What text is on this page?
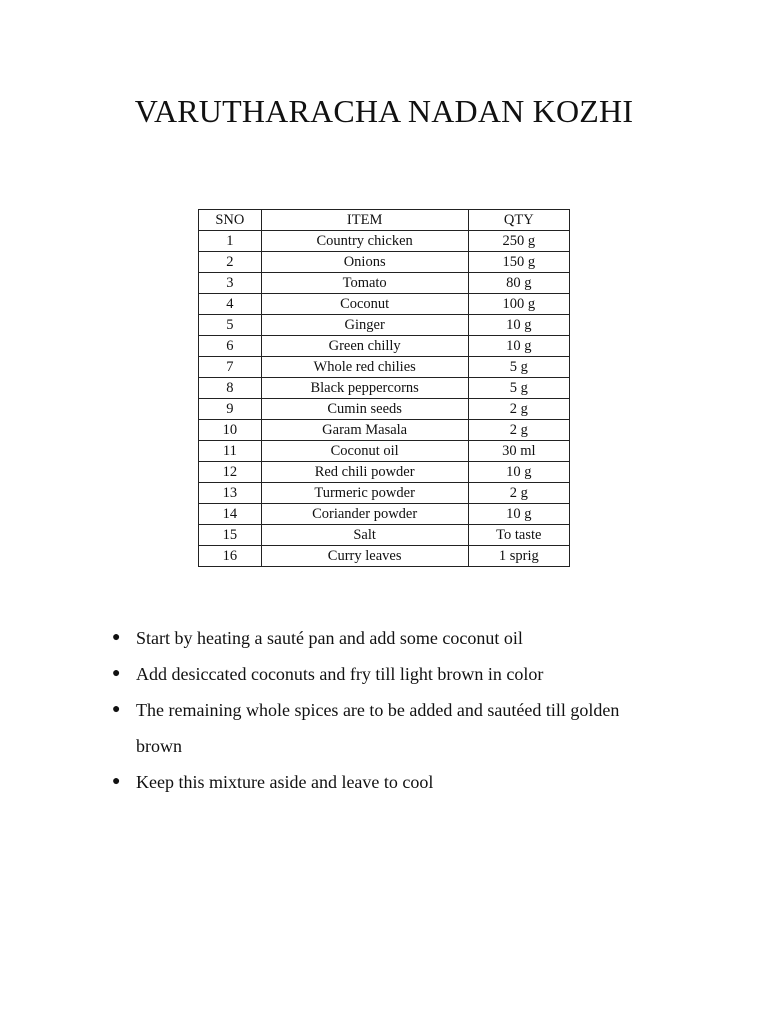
VARUTHARACHA NADAN KOZHI
SNO	ITEM	QTY
1	Country chicken	250 g
2	Onions	150 g
3	Tomato	80 g
4	Coconut	100 g
5	Ginger	10 g
6	Green chilly	10 g
7	Whole red chilies	5 g
8	Black peppercorns	5 g
9	Cumin seeds	2 g
10	Garam Masala	2 g
11	Coconut oil	30 ml
12	Red chili powder	10 g
13	Turmeric powder	2 g
14	Coriander powder	10 g
15	Salt	To taste
16	Curry leaves	1 sprig
● Start by heating a sauté pan and add some coconut oil
● Add desiccated coconuts and fry till light brown in color
● The remaining whole spices are to be added and sautéed till golden brown
● Keep this mixture aside and leave to cool
